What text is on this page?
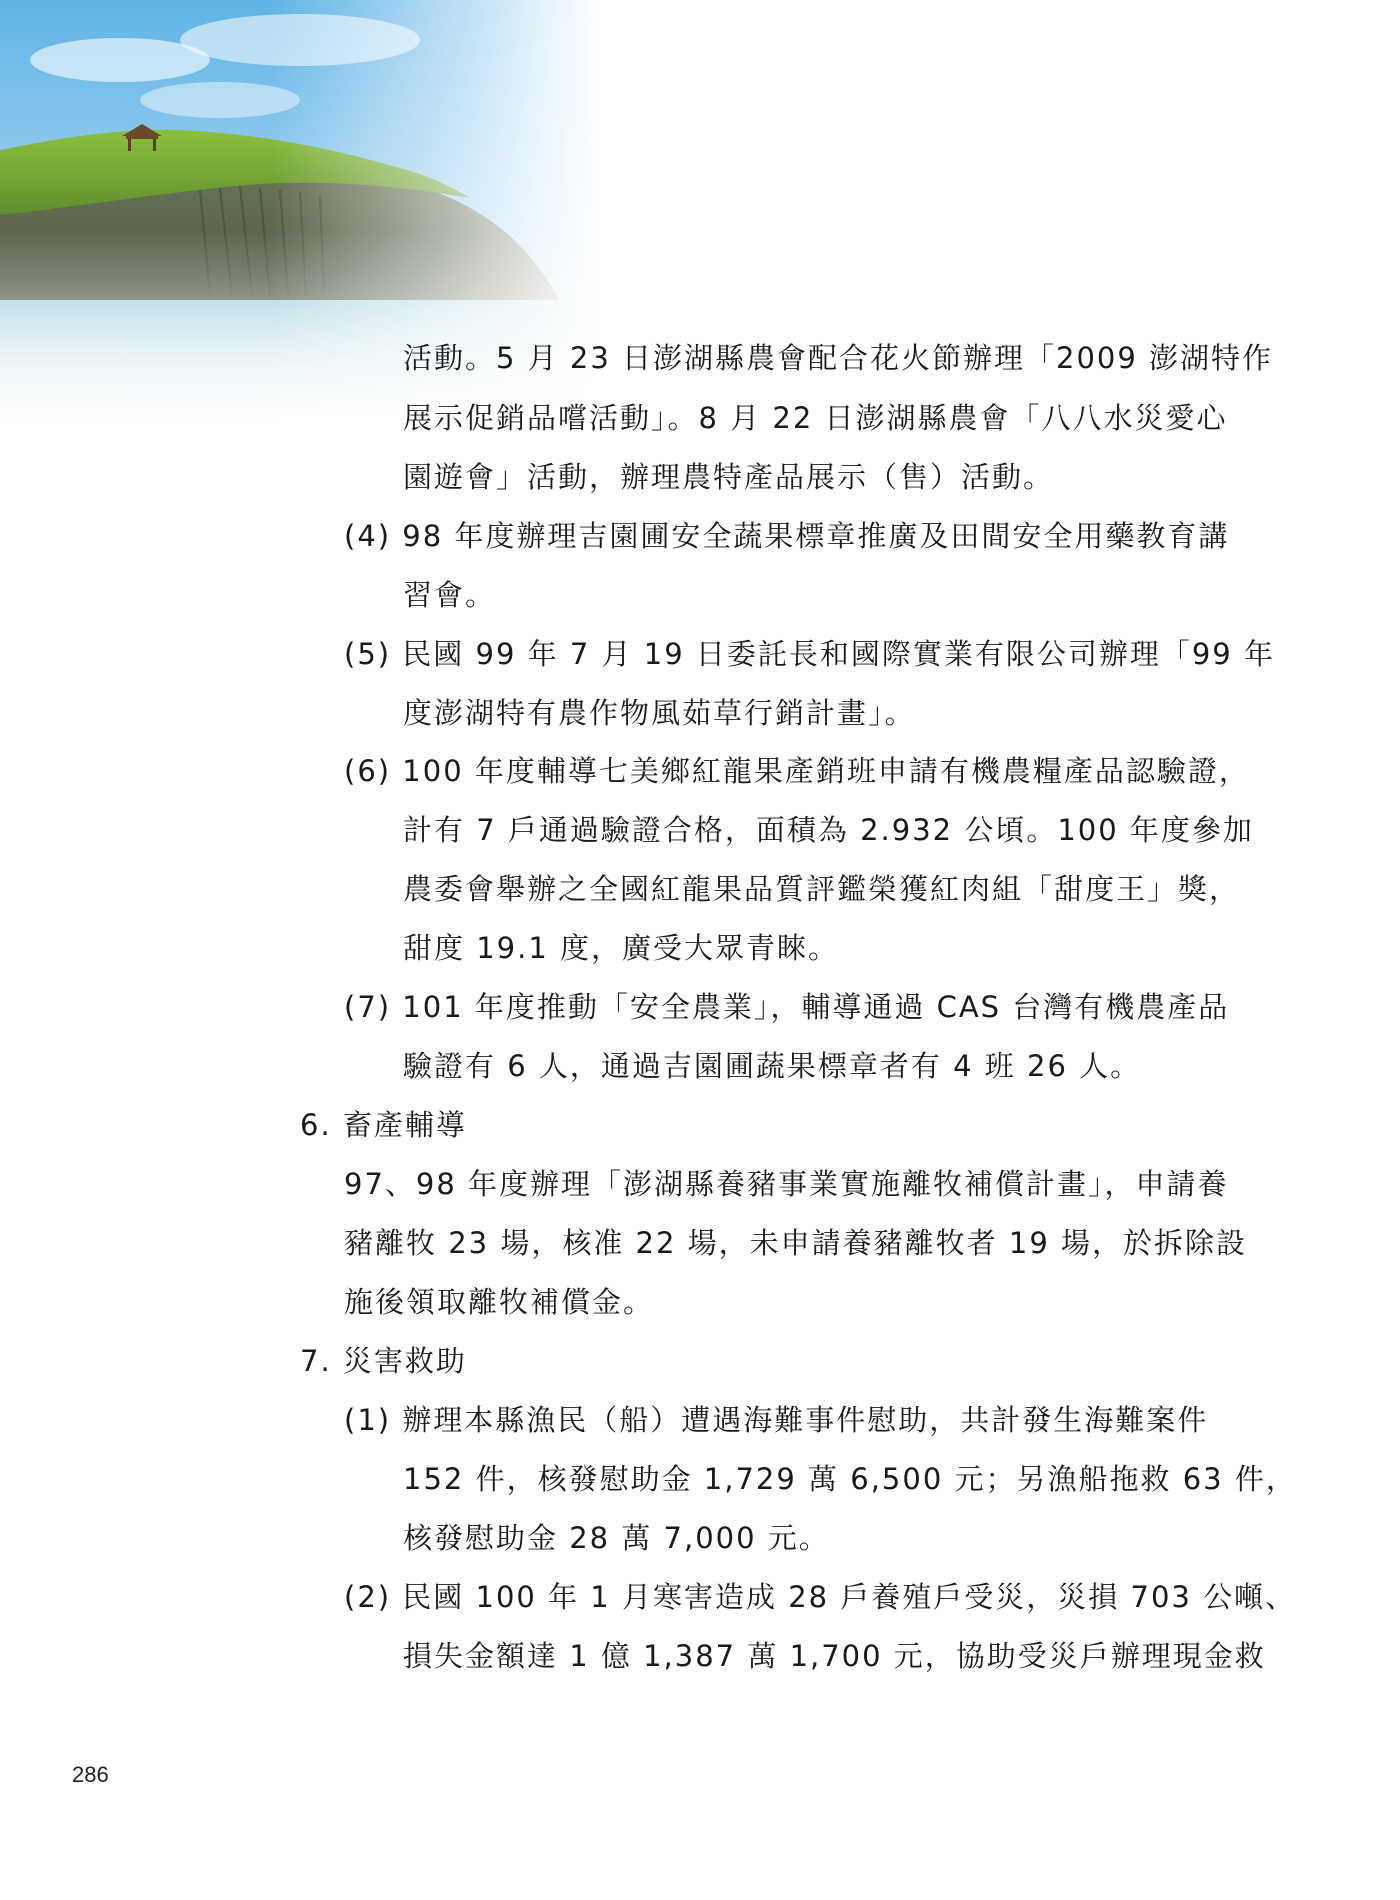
活動。5 月 23 日澎湖縣農會配合花火節辦理「2009 澎湖特作
展示促銷品嚐活動」。8 月 22 日澎湖縣農會「八八水災愛心
園遊會」活動，辦理農特產品展示（售）活動。
(4) 98 年度辦理吉園圃安全蔬果標章推廣及田間安全用藥教育講
習會。
(5) 民國 99 年 7 月 19 日委託長和國際實業有限公司辦理「99 年
度澎湖特有農作物風茹草行銷計畫」。
(6) 100 年度輔導七美鄉紅龍果產銷班申請有機農糧產品認驗證，
計有 7 戶通過驗證合格，面積為 2.932 公頃。100 年度參加
農委會舉辦之全國紅龍果品質評鑑榮獲紅肉組「甜度王」獎，
甜度 19.1 度，廣受大眾青睞。
(7) 101 年度推動「安全農業」，輔導通過 CAS 台灣有機農產品
驗證有 6 人，通過吉園圃蔬果標章者有 4 班 26 人。
6. 畜產輔導
97、98 年度辦理「澎湖縣養豬事業實施離牧補償計畫」，申請養
豬離牧 23 場，核准 22 場，未申請養豬離牧者 19 場，於拆除設
施後領取離牧補償金。
7. 災害救助
(1) 辦理本縣漁民（船）遭遇海難事件慰助，共計發生海難案件
152 件，核發慰助金 1,729 萬 6,500 元；另漁船拖救 63 件，
核發慰助金 28 萬 7,000 元。
(2) 民國 100 年 1 月寒害造成 28 戶養殖戶受災，災損 703 公噸、
損失金額達 1 億 1,387 萬 1,700 元，協助受災戶辦理現金救
286
